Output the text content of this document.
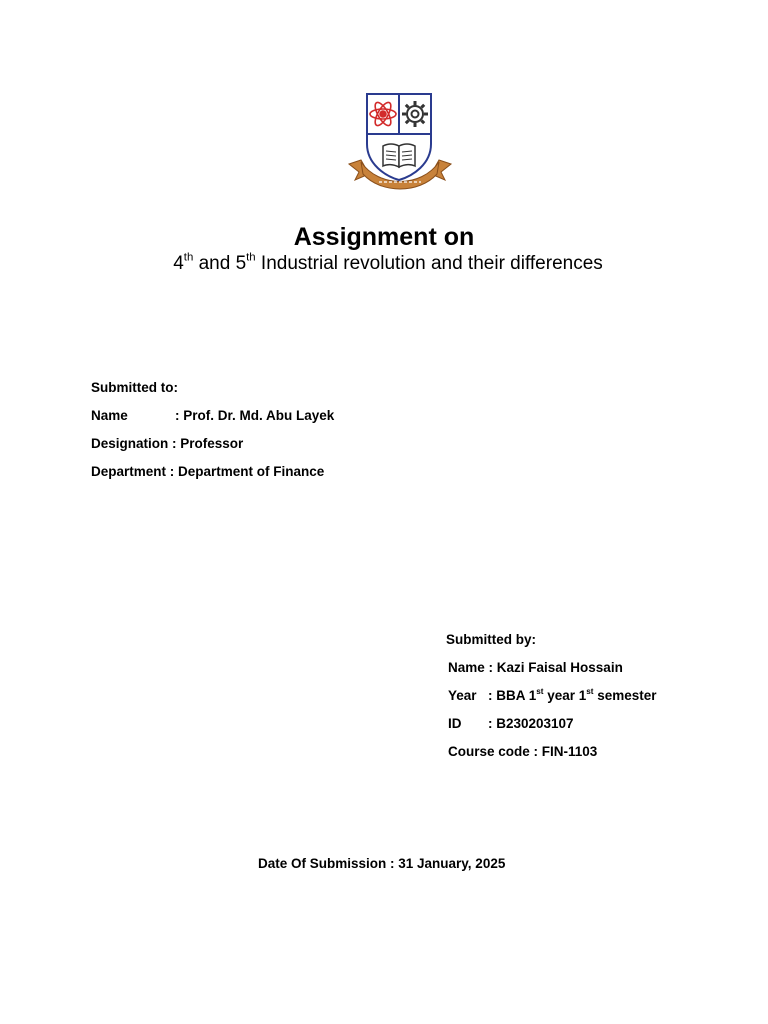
Assignment on
4th and 5th Industrial revolution and their differences
Submitted to:
Name	: Prof. Dr. Md. Abu Layek
Designation : Professor
Department : Department of Finance
Submitted by:
Name : Kazi Faisal Hossain
Year : BBA 1st year 1st semester
ID : B230203107
Course code : FIN-1103
Date Of Submission : 31 January, 2025
